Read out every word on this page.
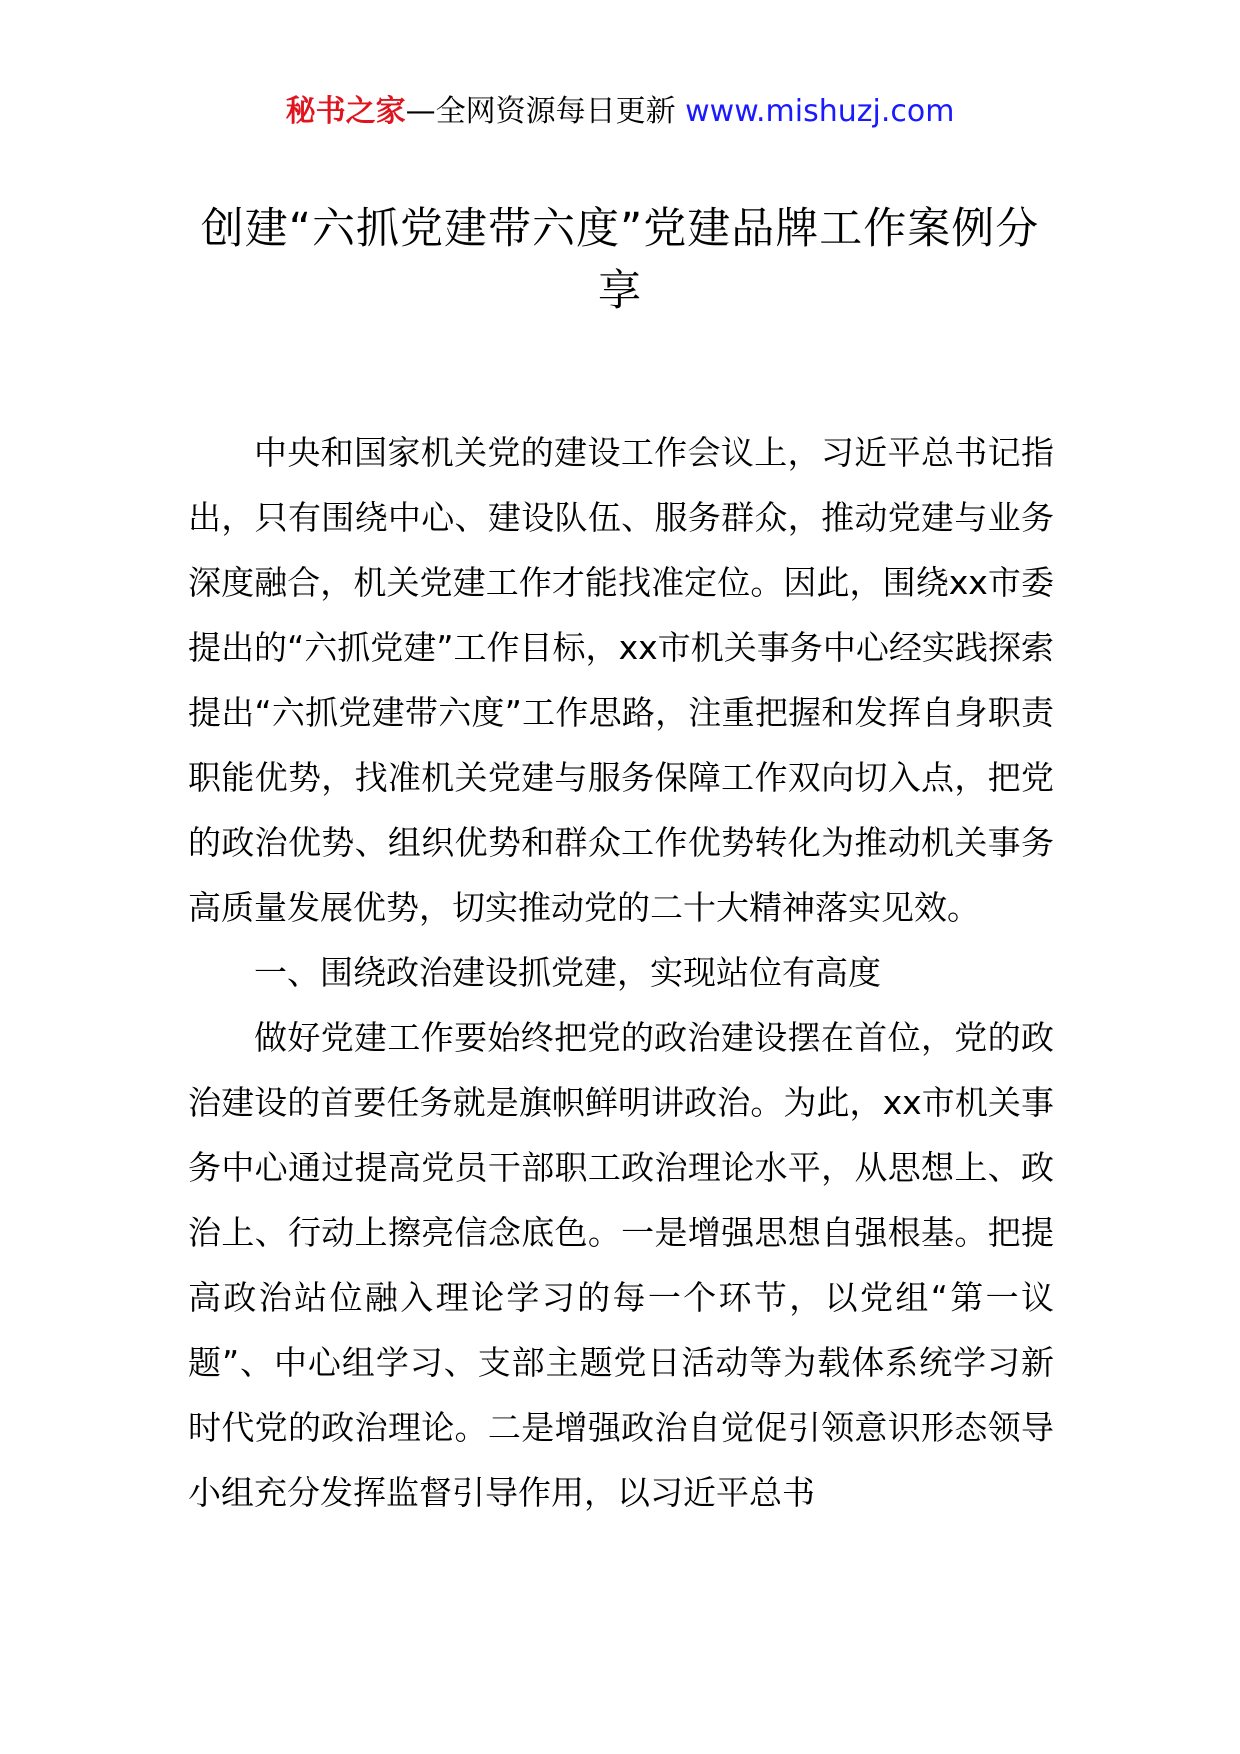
秘书之家—全网资源每日更新 www.mishuzj.com
创建“六抓党建带六度”党建品牌工作案例分享

中央和国家机关党的建设工作会议上，习近平总书记指出，只有围绕中心、建设队伍、服务群众，推动党建与业务深度融合，机关党建工作才能找准定位。因此，围绕xx市委提出的“六抓党建”工作目标，xx市机关事务中心经实践探索提出“六抓党建带六度”工作思路，注重把握和发挥自身职责职能优势，找准机关党建与服务保障工作双向切入点，把党的政治优势、组织优势和群众工作优势转化为推动机关事务高质量发展优势，切实推动党的二十大精神落实见效。

一、围绕政治建设抓党建，实现站位有高度

做好党建工作要始终把党的政治建设摆在首位，党的政治建设的首要任务就是旗帜鲜明讲政治。为此，xx市机关事务中心通过提高党员干部职工政治理论水平，从思想上、政治上、行动上擦亮信念底色。一是增强思想自强根基。把提高政治站位融入理论学习的每一个环节，以党组“第一议题”、中心组学习、支部主题党日活动等为载体系统学习新时代党的政治理论。二是增强政治自觉促引领意识形态领导小组充分发挥监督引导作用，以习近平总书
